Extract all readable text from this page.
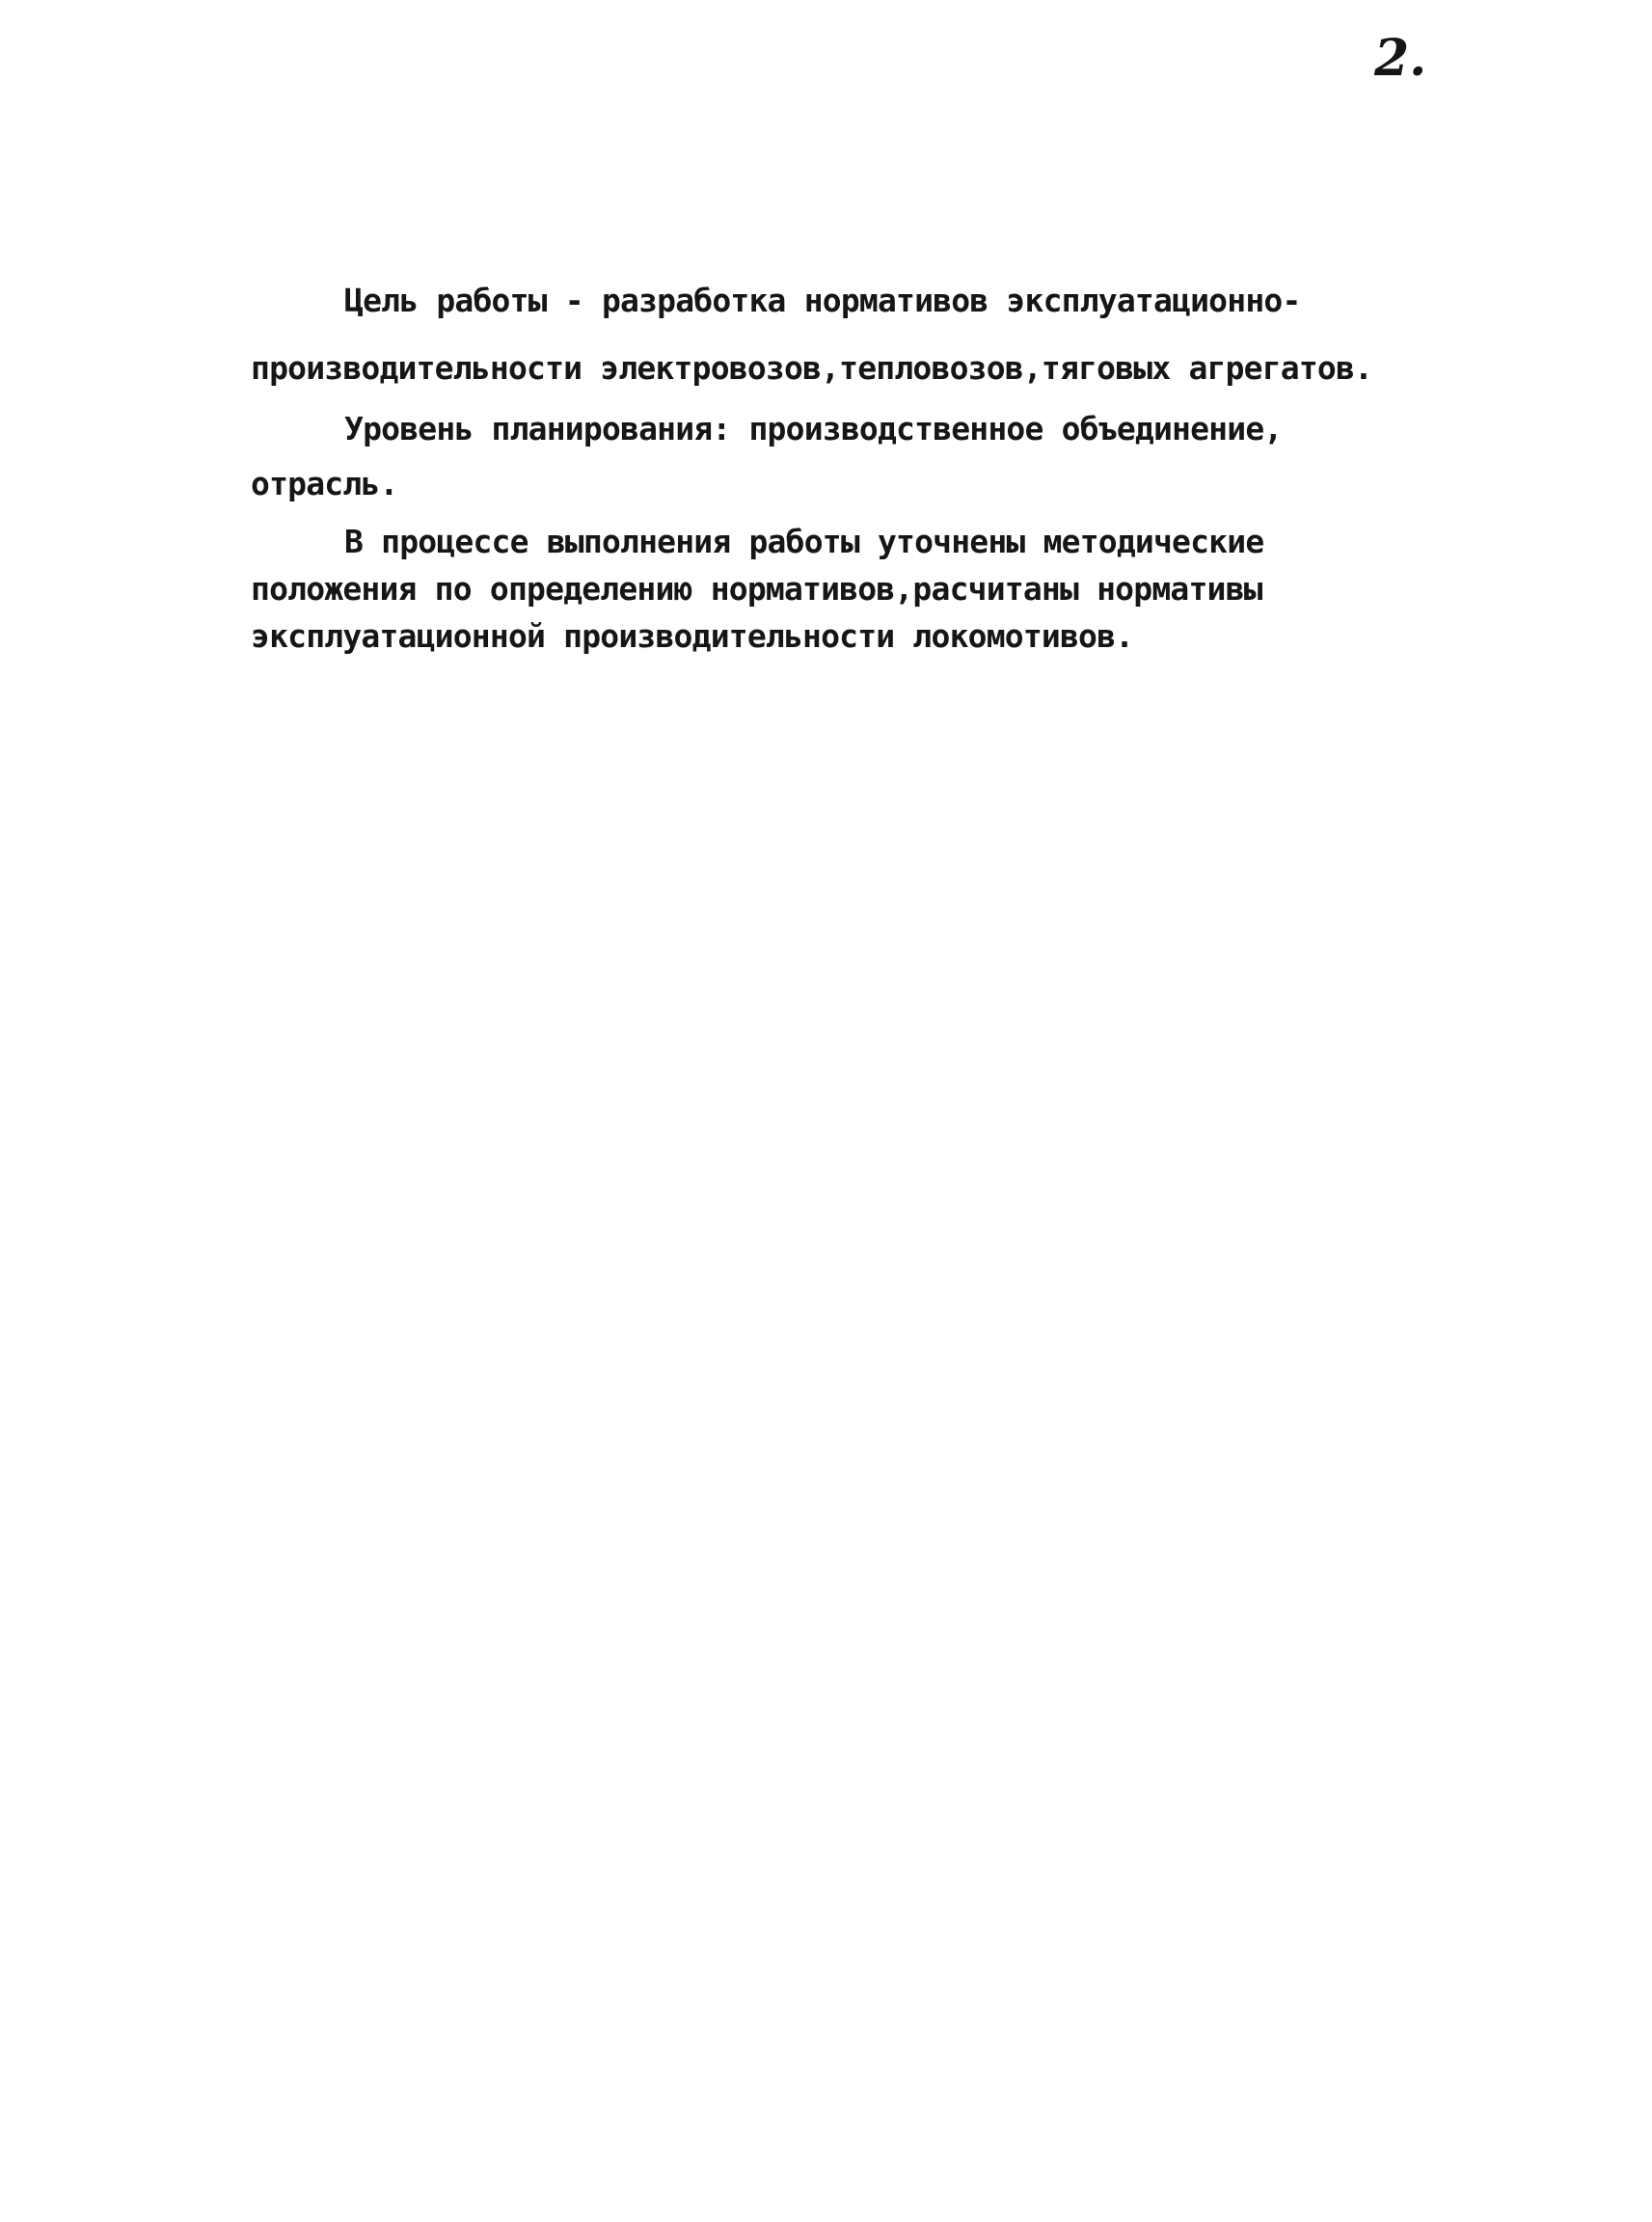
2.
Цель работы - разработка нормативов эксплуатационно-
производительности электровозов,тепловозов,тяговых агрегатов.
Уровень планирования: производственное объединение,
отрасль.
В процессе выполнения работы уточнены методические
положения по определению нормативов,расчитаны нормативы
эксплуатационной производительности локомотивов.
